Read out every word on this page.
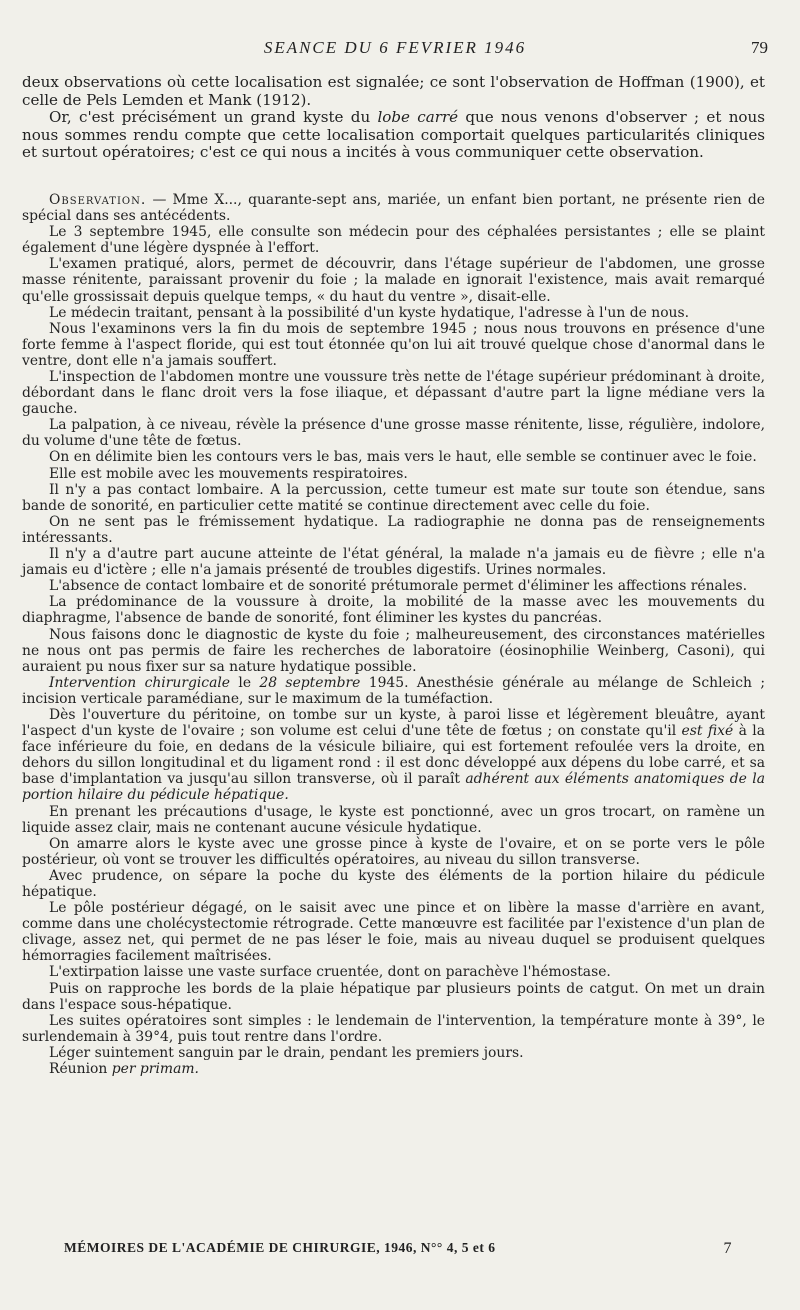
SEANCE DU 6 FEVRIER 1946	79

deux observations où cette localisation est signalée; ce sont l'observation de Hoffman (1900), et celle de Pels Lemden et Mank (1912).

Or, c'est précisément un grand kyste du lobe carré que nous venons d'observer ; et nous nous sommes rendu compte que cette localisation comportait quelques particularités cliniques et surtout opératoires; c'est ce qui nous a incités à vous communiquer cette observation.

Observation. — Mme X..., quarante-sept ans, mariée, un enfant bien portant, ne présente rien de spécial dans ses antécédents.

Le 3 septembre 1945, elle consulte son médecin pour des céphalées persistantes ; elle se plaint également d'une légère dyspnée à l'effort.

L'examen pratiqué, alors, permet de découvrir, dans l'étage supérieur de l'abdomen, une grosse masse rénitente, paraissant provenir du foie ; la malade en ignorait l'existence, mais avait remarqué qu'elle grossissait depuis quelque temps, « du haut du ventre », disait-elle.

Le médecin traitant, pensant à la possibilité d'un kyste hydatique, l'adresse à l'un de nous.

Nous l'examinons vers la fin du mois de septembre 1945 ; nous nous trouvons en présence d'une forte femme à l'aspect floride, qui est tout étonnée qu'on lui ait trouvé quelque chose d'anormal dans le ventre, dont elle n'a jamais souffert.

L'inspection de l'abdomen montre une voussure très nette de l'étage supérieur prédominant à droite, débordant dans le flanc droit vers la fose iliaque, et dépassant d'autre part la ligne médiane vers la gauche.

La palpation, à ce niveau, révèle la présence d'une grosse masse rénitente, lisse, régulière, indolore, du volume d'une tête de fœtus.

On en délimite bien les contours vers le bas, mais vers le haut, elle semble se continuer avec le foie.

Elle est mobile avec les mouvements respiratoires.

Il n'y a pas contact lombaire. A la percussion, cette tumeur est mate sur toute son étendue, sans bande de sonorité, en particulier cette matité se continue directement avec celle du foie.

On ne sent pas le frémissement hydatique. La radiographie ne donna pas de renseignements intéressants.

Il n'y a d'autre part aucune atteinte de l'état général, la malade n'a jamais eu de fièvre ; elle n'a jamais eu d'ictère ; elle n'a jamais présenté de troubles digestifs. Urines normales.

L'absence de contact lombaire et de sonorité prétumorale permet d'éliminer les affections rénales.

La prédominance de la voussure à droite, la mobilité de la masse avec les mouvements du diaphragme, l'absence de bande de sonorité, font éliminer les kystes du pancréas.

Nous faisons donc le diagnostic de kyste du foie ; malheureusement, des circonstances matérielles ne nous ont pas permis de faire les recherches de laboratoire (éosinophilie Weinberg, Casoni), qui auraient pu nous fixer sur sa nature hydatique possible.

Intervention chirurgicale le 28 septembre 1945. Anesthésie générale au mélange de Schleich ; incision verticale paramédiane, sur le maximum de la tuméfaction.

Dès l'ouverture du péritoine, on tombe sur un kyste, à paroi lisse et légèrement bleuâtre, ayant l'aspect d'un kyste de l'ovaire ; son volume est celui d'une tête de fœtus ; on constate qu'il est fixé à la face inférieure du foie, en dedans de la vésicule biliaire, qui est fortement refoulée vers la droite, en dehors du sillon longitudinal et du ligament rond : il est donc développé aux dépens du lobe carré, et sa base d'implantation va jusqu'au sillon transverse, où il paraît adhérent aux éléments anatomiques de la portion hilaire du pédicule hépatique.

En prenant les précautions d'usage, le kyste est ponctionné, avec un gros trocart, on ramène un liquide assez clair, mais ne contenant aucune vésicule hydatique.

On amarre alors le kyste avec une grosse pince à kyste de l'ovaire, et on se porte vers le pôle postérieur, où vont se trouver les difficultés opératoires, au niveau du sillon transverse.

Avec prudence, on sépare la poche du kyste des éléments de la portion hilaire du pédicule hépatique.

Le pôle postérieur dégagé, on le saisit avec une pince et on libère la masse d'arrière en avant, comme dans une cholécystectomie rétrograde. Cette manœuvre est facilitée par l'existence d'un plan de clivage, assez net, qui permet de ne pas léser le foie, mais au niveau duquel se produisent quelques hémorragies facilement maîtrisées.

L'extirpation laisse une vaste surface cruentée, dont on parachève l'hémostase.

Puis on rapproche les bords de la plaie hépatique par plusieurs points de catgut. On met un drain dans l'espace sous-hépatique.

Les suites opératoires sont simples : le lendemain de l'intervention, la température monte à 39°, le surlendemain à 39°4, puis tout rentre dans l'ordre.

Léger suintement sanguin par le drain, pendant les premiers jours.

Réunion per primam.

MÉMOIRES DE L'ACADÉMIE DE CHIRURGIE, 1946, N°° 4, 5 et 6	7
